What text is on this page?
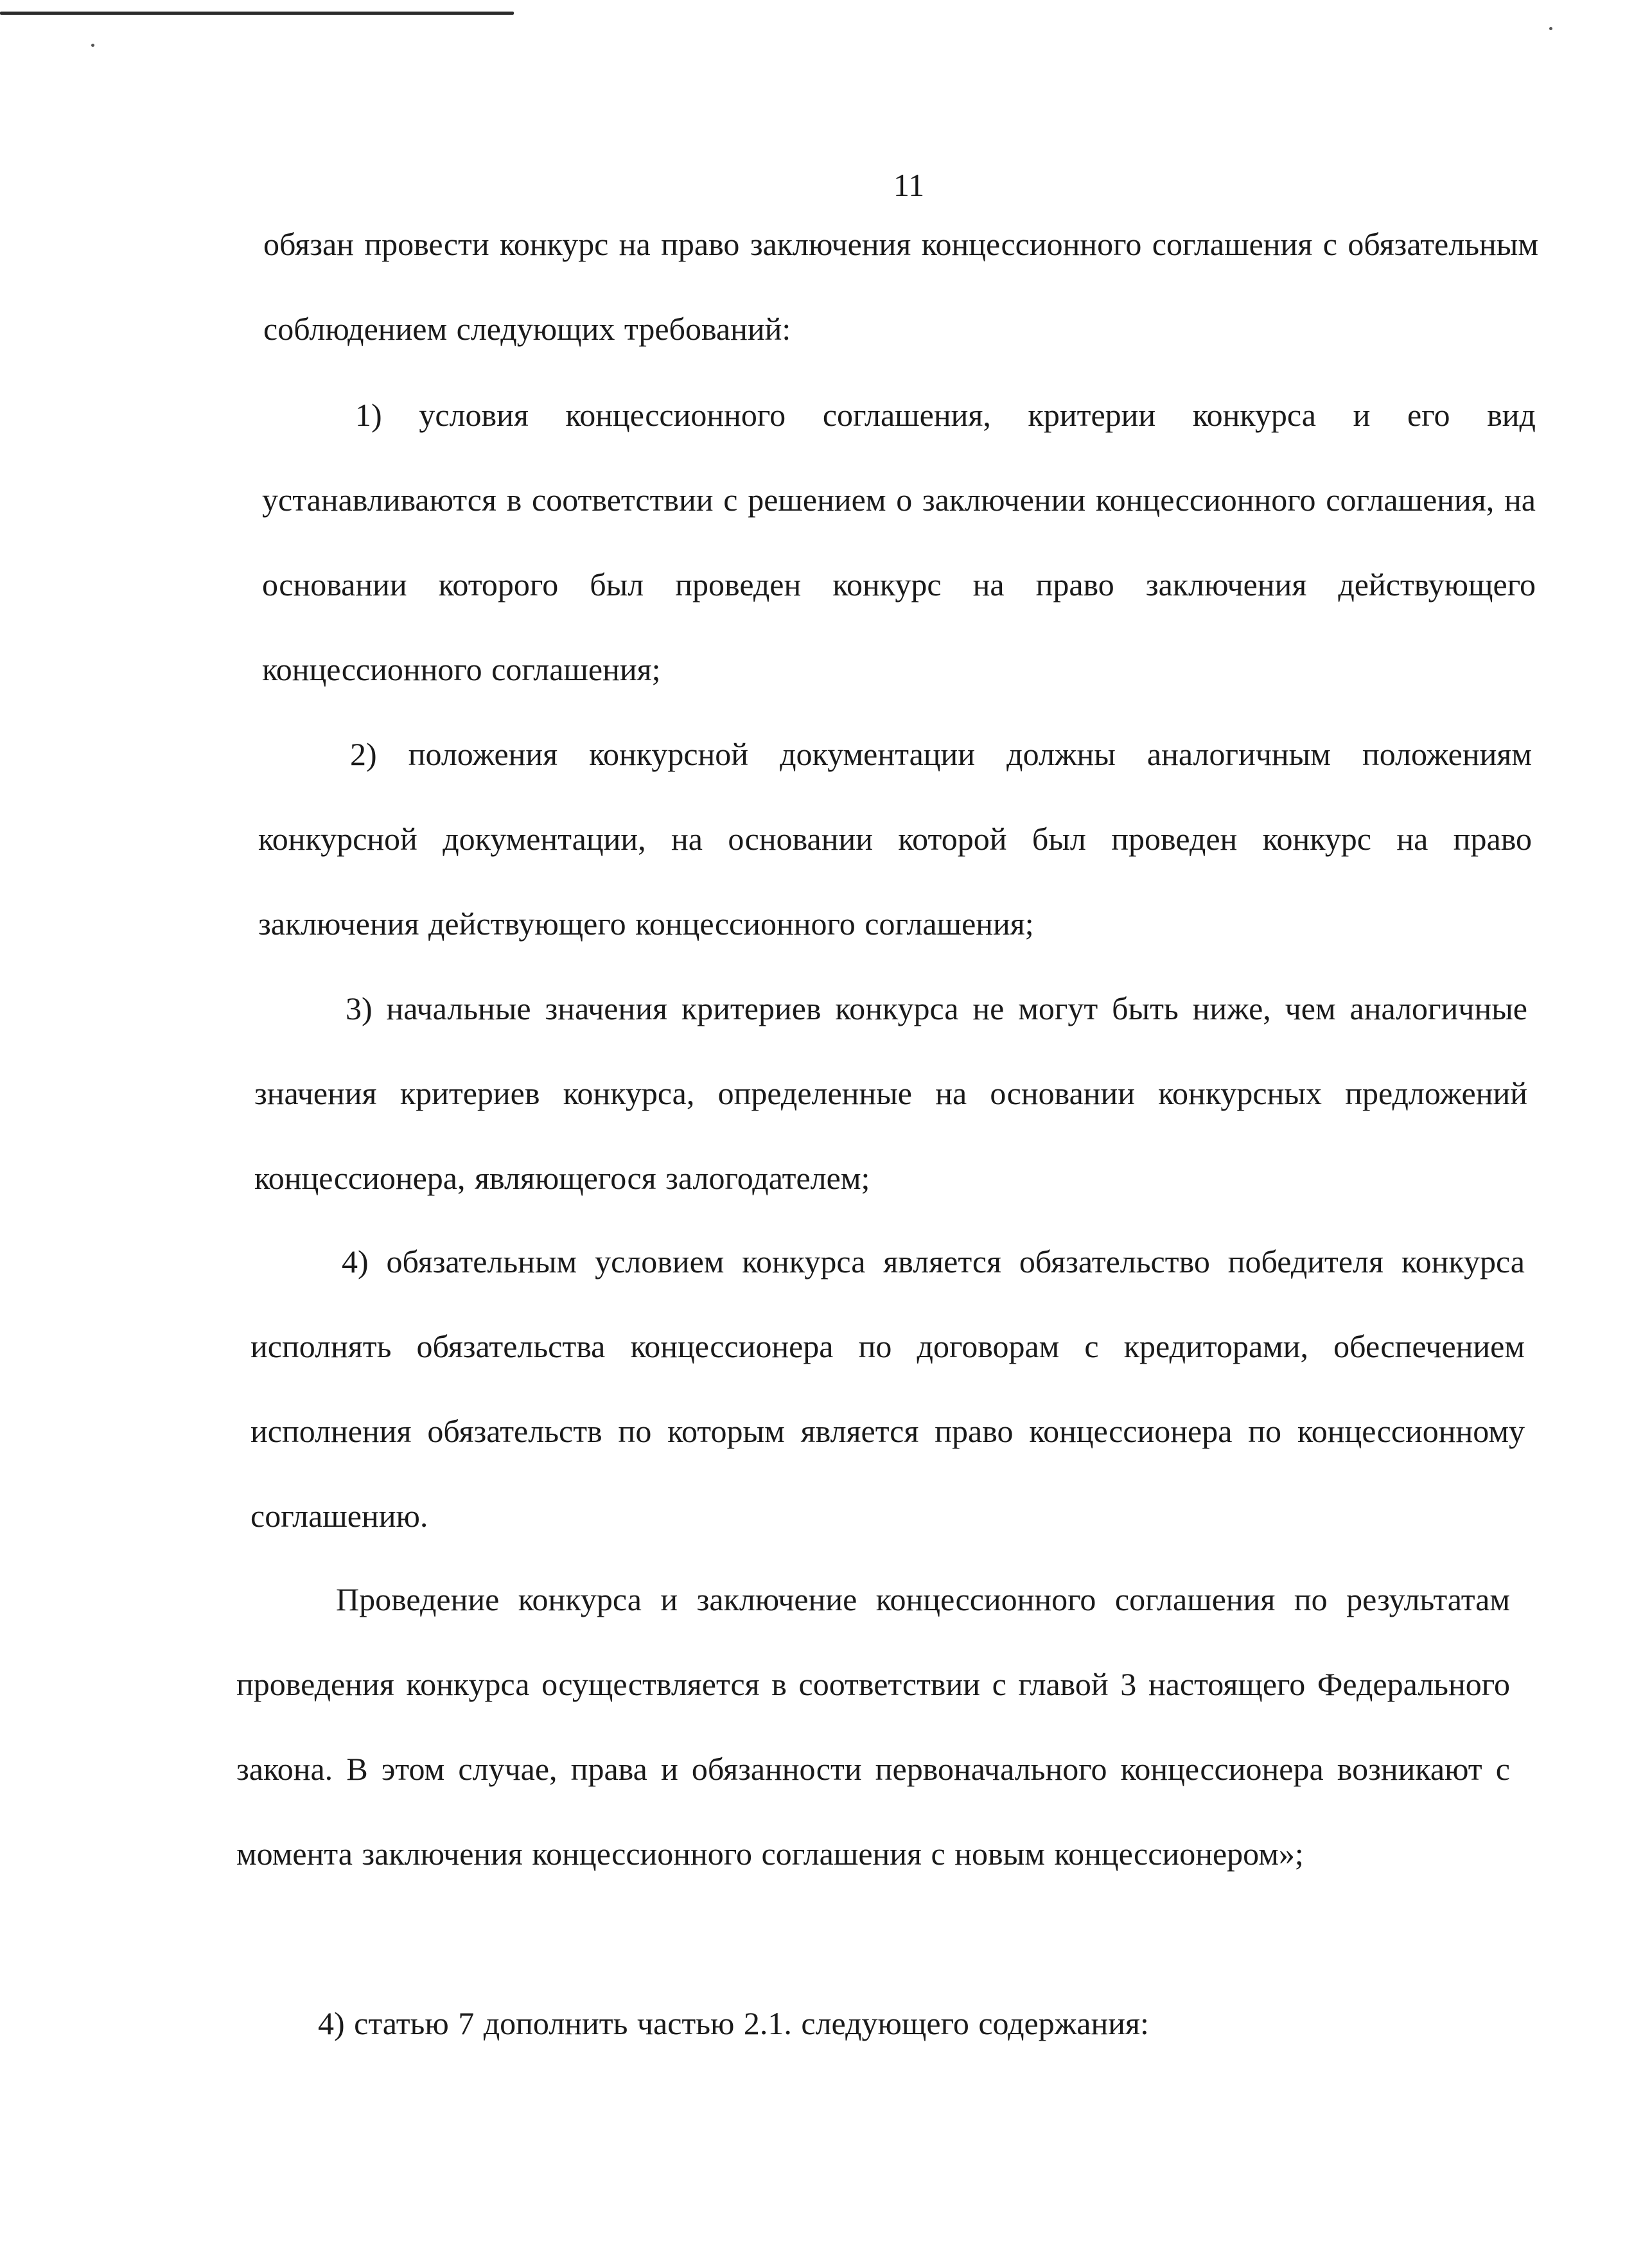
11

обязан провести конкурс на право заключения концессионного соглашения с обязательным соблюдением следующих требований:

1) условия концессионного соглашения, критерии конкурса и его вид устанавливаются в соответствии с решением о заключении концессионного соглашения, на основании которого был проведен конкурс на право заключения действующего концессионного соглашения;

2) положения конкурсной документации должны аналогичным положениям конкурсной документации, на основании которой был проведен конкурс на право заключения действующего концессионного соглашения;

3) начальные значения критериев конкурса не могут быть ниже, чем аналогичные значения критериев конкурса, определенные на основании конкурсных предложений концессионера, являющегося залогодателем;

4) обязательным условием конкурса является обязательство победителя конкурса исполнять обязательства концессионера по договорам с кредиторами, обеспечением исполнения обязательств по которым является право концессионера по концессионному соглашению.

Проведение конкурса и заключение концессионного соглашения по результатам проведения конкурса осуществляется в соответствии с главой 3 настоящего Федерального закона. В этом случае, права и обязанности первоначального концессионера возникают с момента заключения концессионного соглашения с новым концессионером»;

4) статью 7 дополнить частью 2.1. следующего содержания:
